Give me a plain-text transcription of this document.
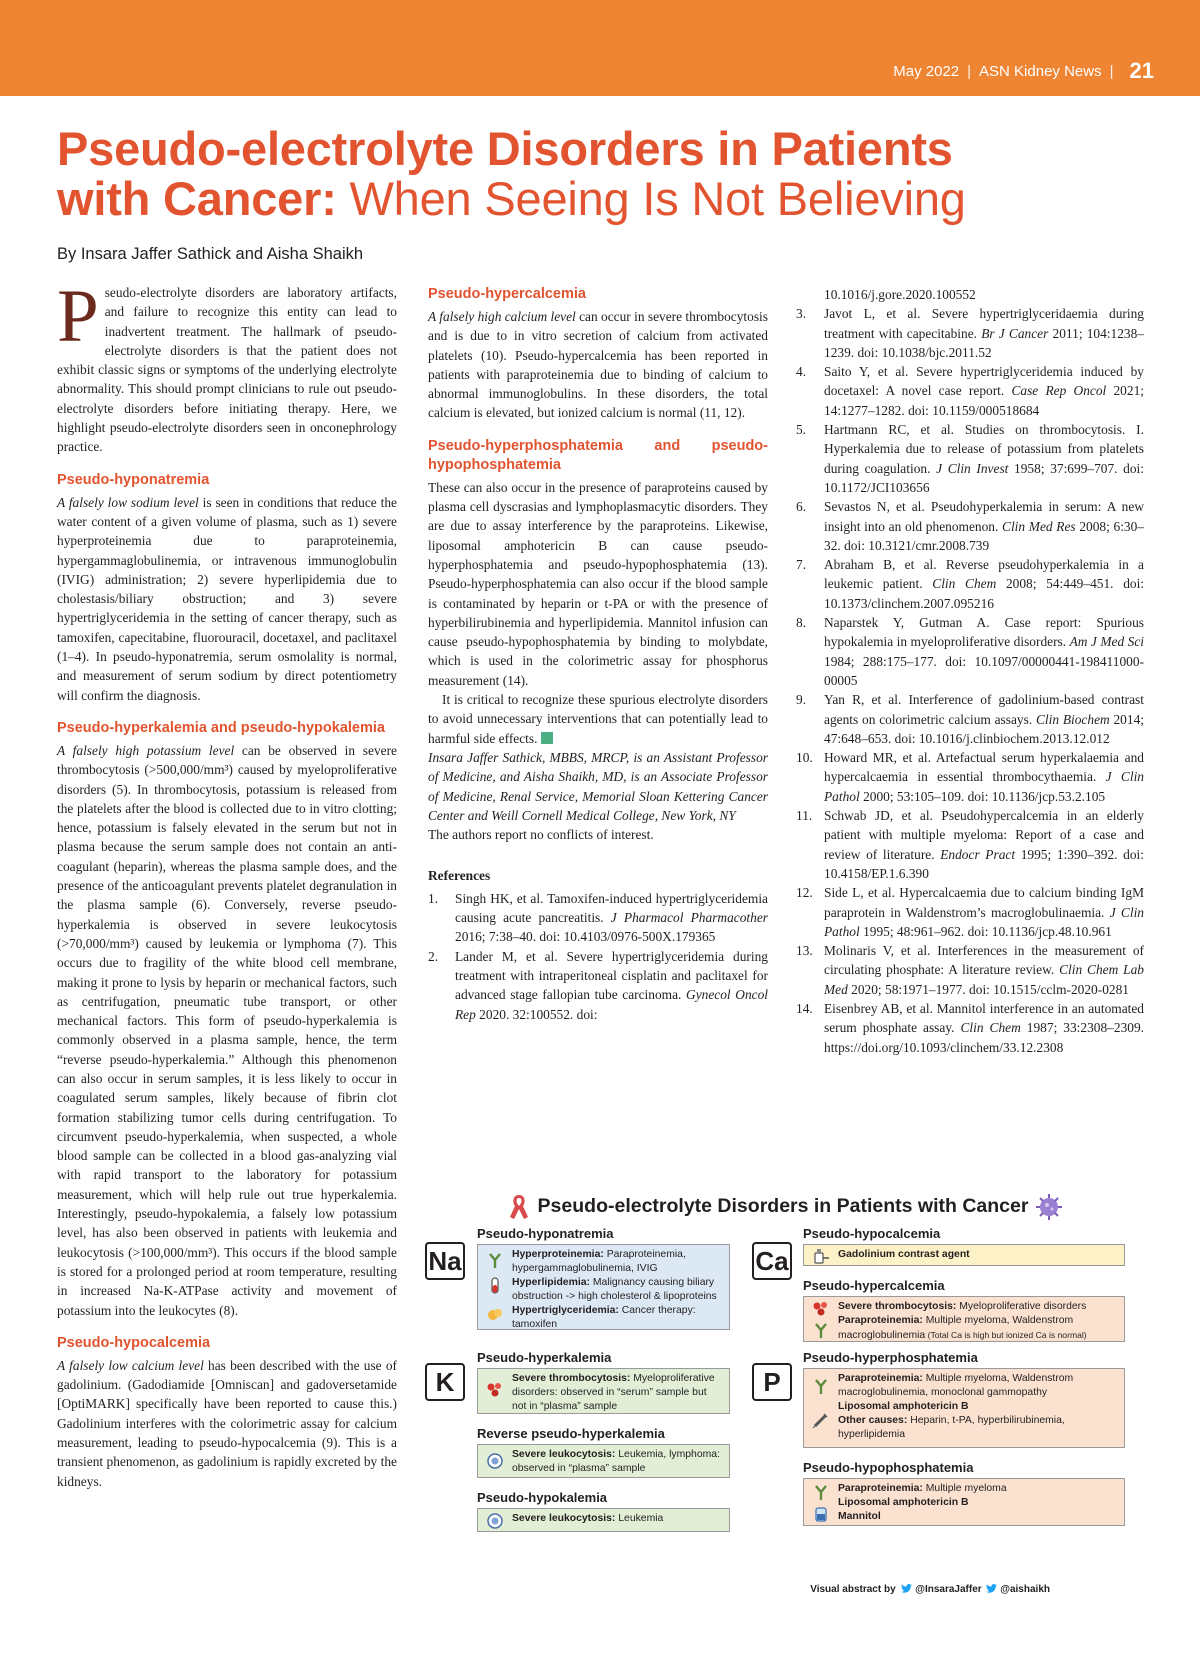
May 2022 | ASN Kidney News | 21
Pseudo-electrolyte Disorders in Patients
with Cancer: When Seeing Is Not Believing
By Insara Jaffer Sathick and Aisha Shaikh

Pseudo-electrolyte disorders are laboratory artifacts, and failure to recognize this entity can lead to inadvertent treatment. The hallmark of pseudo-electrolyte disorders is that the patient does not exhibit classic signs or symptoms of the underlying electrolyte abnormality. This should prompt clinicians to rule out pseudo-electrolyte disorders before initiating therapy. Here, we highlight pseudo-electrolyte disorders seen in onconephrology practice.

Pseudo-hyponatremia

A falsely low sodium level is seen in conditions that reduce the water content of a given volume of plasma, such as 1) severe hyperproteinemia due to paraproteinemia, hypergammaglobulinemia, or intravenous immunoglobulin (IVIG) administration; 2) severe hyperlipidemia due to cholestasis/biliary obstruction; and 3) severe hypertriglyceridemia in the setting of cancer therapy, such as tamoxifen, capecitabine, fluorouracil, docetaxel, and paclitaxel (1–4). In pseudo-hyponatremia, serum osmolality is normal, and measurement of serum sodium by direct potentiometry will confirm the diagnosis.

Pseudo-hyperkalemia and pseudo-hypokalemia

A falsely high potassium level can be observed in severe thrombocytosis (>500,000/mm³) caused by myeloproliferative disorders (5). In thrombocytosis, potassium is released from the platelets after the blood is collected due to in vitro clotting; hence, potassium is falsely elevated in the serum but not in plasma because the serum sample does not contain an anti-coagulant (heparin), whereas the plasma sample does, and the presence of the anticoagulant prevents platelet degranulation in the plasma sample (6). Conversely, reverse pseudo-hyperkalemia is observed in severe leukocytosis (>70,000/mm³) caused by leukemia or lymphoma (7). This occurs due to fragility of the white blood cell membrane, making it prone to lysis by heparin or mechanical factors, such as centrifugation, pneumatic tube transport, or other mechanical factors. This form of pseudo-hyperkalemia is commonly observed in a plasma sample, hence, the term “reverse pseudo-hyperkalemia.” Although this phenomenon can also occur in serum samples, it is less likely to occur in coagulated serum samples, likely because of fibrin clot formation stabilizing tumor cells during centrifugation. To circumvent pseudo-hyperkalemia, when suspected, a whole blood sample can be collected in a blood gas-analyzing vial with rapid transport to the laboratory for potassium measurement, which will help rule out true hyperkalemia. Interestingly, pseudo-hypokalemia, a falsely low potassium level, has also been observed in patients with leukemia and leukocytosis (>100,000/mm³). This occurs if the blood sample is stored for a prolonged period at room temperature, resulting in increased Na-K-ATPase activity and movement of potassium into the leukocytes (8).

Pseudo-hypocalcemia

A falsely low calcium level has been described with the use of gadolinium. (Gadodiamide [Omniscan] and gadoversetamide [OptiMARK] specifically have been reported to cause this.) Gadolinium interferes with the colorimetric assay for calcium measurement, leading to pseudo-hypocalcemia (9). This is a transient phenomenon, as gadolinium is rapidly excreted by the kidneys.

Pseudo-hypercalcemia

A falsely high calcium level can occur in severe thrombocytosis and is due to in vitro secretion of calcium from activated platelets (10). Pseudo-hypercalcemia has been reported in patients with paraproteinemia due to binding of calcium to abnormal immunoglobulins. In these disorders, the total calcium is elevated, but ionized calcium is normal (11, 12).

Pseudo-hyperphosphatemia and pseudo-hypophosphatemia

These can also occur in the presence of paraproteins caused by plasma cell dyscrasias and lymphoplasmacytic disorders. They are due to assay interference by the paraproteins. Likewise, liposomal amphotericin B can cause pseudo-hyperphosphatemia and pseudo-hypophosphatemia (13). Pseudo-hyperphosphatemia can also occur if the blood sample is contaminated by heparin or t-PA or with the presence of hyperbilirubinemia and hyperlipidemia. Mannitol infusion can cause pseudo-hypophosphatemia by binding to molybdate, which is used in the colorimetric assay for phosphorus measurement (14).

It is critical to recognize these spurious electrolyte disorders to avoid unnecessary interventions that can potentially lead to harmful side effects.

Insara Jaffer Sathick, MBBS, MRCP, is an Assistant Professor of Medicine, and Aisha Shaikh, MD, is an Associate Professor of Medicine, Renal Service, Memorial Sloan Kettering Cancer Center and Weill Cornell Medical College, New York, NY

The authors report no conflicts of interest.

References
1. Singh HK, et al. Tamoxifen-induced hypertriglyceridemia causing acute pancreatitis. J Pharmacol Pharmacother 2016; 7:38–40. doi: 10.4103/0976-500X.179365
2. Lander M, et al. Severe hypertriglyceridemia during treatment with intraperitoneal cisplatin and paclitaxel for advanced stage fallopian tube carcinoma. Gynecol Oncol Rep 2020. 32:100552. doi:
10.1016/j.gore.2020.100552
3. Javot L, et al. Severe hypertriglyceridaemia during treatment with capecitabine. Br J Cancer 2011; 104:1238–1239. doi: 10.1038/bjc.2011.52
4. Saito Y, et al. Severe hypertriglyceridemia induced by docetaxel: A novel case report. Case Rep Oncol 2021; 14:1277–1282. doi: 10.1159/000518684
5. Hartmann RC, et al. Studies on thrombocytosis. I. Hyperkalemia due to release of potassium from platelets during coagulation. J Clin Invest 1958; 37:699–707. doi: 10.1172/JCI103656
6. Sevastos N, et al. Pseudohyperkalemia in serum: A new insight into an old phenomenon. Clin Med Res 2008; 6:30–32. doi: 10.3121/cmr.2008.739
7. Abraham B, et al. Reverse pseudohyperkalemia in a leukemic patient. Clin Chem 2008; 54:449–451. doi: 10.1373/clinchem.2007.095216
8. Naparstek Y, Gutman A. Case report: Spurious hypokalemia in myeloproliferative disorders. Am J Med Sci 1984; 288:175–177. doi: 10.1097/00000441-198411000-00005
9. Yan R, et al. Interference of gadolinium-based contrast agents on colorimetric calcium assays. Clin Biochem 2014; 47:648–653. doi: 10.1016/j.clinbiochem.2013.12.012
10. Howard MR, et al. Artefactual serum hyperkalaemia and hypercalcaemia in essential thrombocythaemia. J Clin Pathol 2000; 53:105–109. doi: 10.1136/jcp.53.2.105
11. Schwab JD, et al. Pseudohypercalcemia in an elderly patient with multiple myeloma: Report of a case and review of literature. Endocr Pract 1995; 1:390–392. doi: 10.4158/EP.1.6.390
12. Side L, et al. Hypercalcaemia due to calcium binding IgM paraprotein in Waldenstrom’s macroglobulinaemia. J Clin Pathol 1995; 48:961–962. doi: 10.1136/jcp.48.10.961
13. Molinaris V, et al. Interferences in the measurement of circulating phosphate: A literature review. Clin Chem Lab Med 2020; 58:1971–1977. doi: 10.1515/cclm-2020-0281
14. Eisenbrey AB, et al. Mannitol interference in an automated serum phosphate assay. Clin Chem 1987; 33:2308–2309. https://doi.org/10.1093/clinchem/33.12.2308
Pseudo-electrolyte Disorders in Patients with Cancer
Na
Pseudo-hyponatremia
Hyperproteinemia: Paraproteinemia, hypergammaglobulinemia, IVIG
Hyperlipidemia: Malignancy causing biliary obstruction -> high cholesterol & lipoproteins
Hypertriglyceridemia: Cancer therapy: tamoxifen
K
Pseudo-hyperkalemia
Severe thrombocytosis: Myeloproliferative disorders: observed in “serum” sample but not in “plasma” sample
Reverse pseudo-hyperkalemia
Severe leukocytosis: Leukemia, lymphoma: observed in “plasma” sample
Pseudo-hypokalemia
Severe leukocytosis: Leukemia
Ca
Pseudo-hypocalcemia
Gadolinium contrast agent
Pseudo-hypercalcemia
Severe thrombocytosis: Myeloproliferative disorders
Paraproteinemia: Multiple myeloma, Waldenstrom macroglobulinemia (Total Ca is high but ionized Ca is normal)
P
Pseudo-hyperphosphatemia
Paraproteinemia: Multiple myeloma, Waldenstrom macroglobulinemia, monoclonal gammopathy
Liposomal amphotericin B
Other causes: Heparin, t-PA, hyperbilirubinemia, hyperlipidemia
Pseudo-hypophosphatemia
Paraproteinemia: Multiple myeloma
Liposomal amphotericin B
Mannitol
Visual abstract by @InsaraJaffer @aishaikh
